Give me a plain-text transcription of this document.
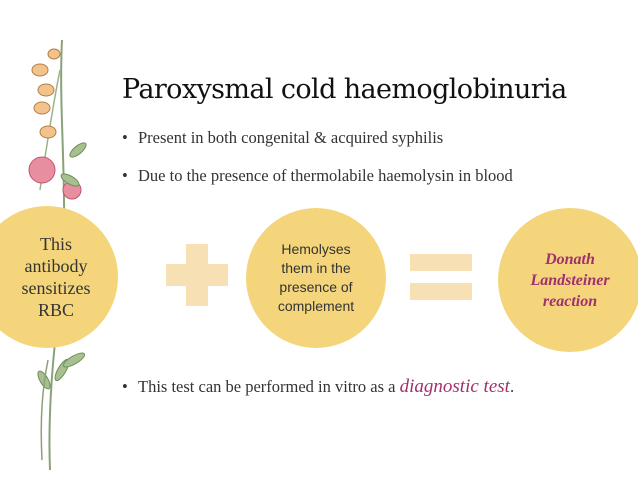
Paroxysmal cold haemoglobinuria
• Present in both congenital & acquired syphilis
• Due to the presence of thermolabile haemolysin in blood
This
antibody
sensitizes
RBC
Hemolyses
them in the
presence of
complement
Donath
Landsteiner
reaction
• This test can be performed in vitro as a diagnostic test.
